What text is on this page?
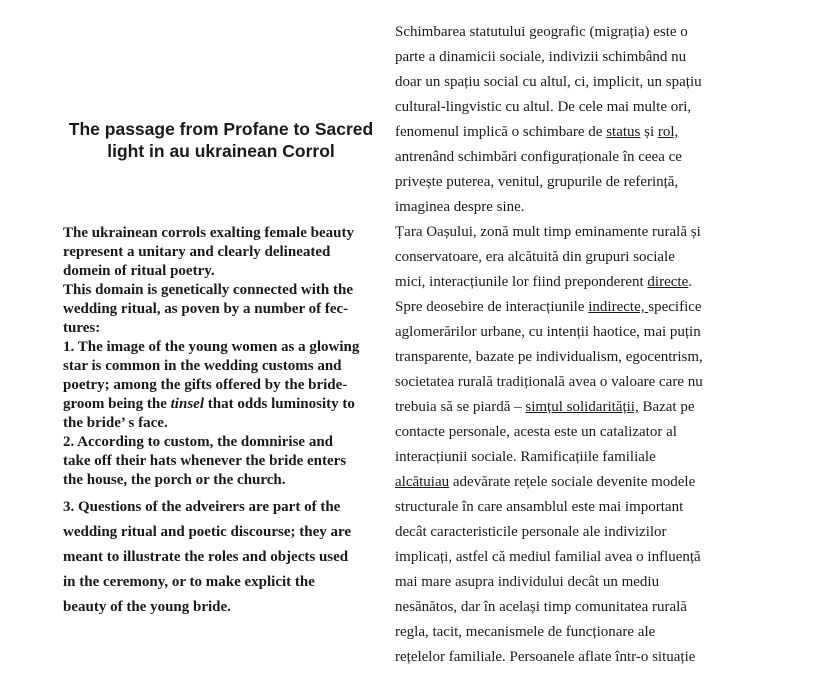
The passage from Profane to Sacred
light in au ukrainean Corrol

The ukrainean corrols exalting female beauty
represent a unitary and clearly delineated
domein of ritual poetry.
This domain is genetically connected with the
wedding ritual, as poven by a number of fec-
tures:
1. The image of the young women as a glowing
star is common in the wedding customs and
poetry; among the gifts offered by the bride-
groom being the tinsel that odds luminosity to
the bride’ s face.
2. According to custom, the domnirise and
take off their hats whenever the bride enters
the house, the porch or the church.

3. Questions of the adveirers are part of the
wedding ritual and poetic discourse; they are
meant to illustrate the roles and objects used
in the ceremony, or to make explicit the
beauty of the young bride.

Schimbarea statutului geografic (migrația) este o
parte a dinamicii sociale, indivizii schimbând nu
doar un spațiu social cu altul, ci, implicit, un spațiu
cultural-lingvistic cu altul. De cele mai multe ori,
fenomenul implică o schimbare de status și rol,
antrenând schimbări configuraționale în ceea ce
privește puterea, venitul, grupurile de referință,
imaginea despre sine.
Țara Oașului, zonă mult timp eminamente rurală și
conservatoare, era alcătuită din grupuri sociale
mici, interacțiunile lor fiind preponderent directe.
Spre deosebire de interacțiunile indirecte, specifice
aglomerărilor urbane, cu intenții haotice, mai puțin
transparente, bazate pe individualism, egocentrism,
societatea rurală tradițională avea o valoare care nu
trebuia să se piardă – simțul solidarității, Bazat pe
contacte personale, acesta este un catalizator al
interacțiunii sociale. Ramificațiile familiale
alcătuiau adevărate rețele sociale devenite modele
structurale în care ansamblul este mai important
decât caracteristicile personale ale indivizilor
implicați, astfel că mediul familial avea o influență
mai mare asupra individului decât un mediu
nesănătos, dar în același timp comunitatea rurală
regla, tacit, mecanismele de funcționare ale
rețelelor familiale. Persoanele aflate într-o situație
